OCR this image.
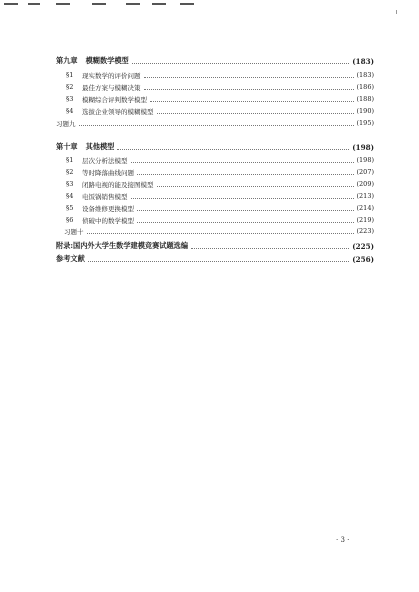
第九章 模糊数学模型	(183)
§1	现实数学的评价问题	(183)
§2	最佳方案与模糊决策	(186)
§3	模糊综合评判数学模型	(188)
§4	选拔企业领导的模糊模型	(190)
习题九	(195)
第十章 其他模型	(198)
§1	层次分析法模型	(198)
§2	等时降落曲线问题	(207)
§3	闭路电视的能及接图模型	(209)
§4	电饭锅销售模型	(213)
§5	设备维修更换模型	(214)
§6	侦破中的数学模型	(219)
习题十	(223)
附录:国内外大学生数学建模竞赛试题选编	(225)
参考文献	(256)
· 3 ·
